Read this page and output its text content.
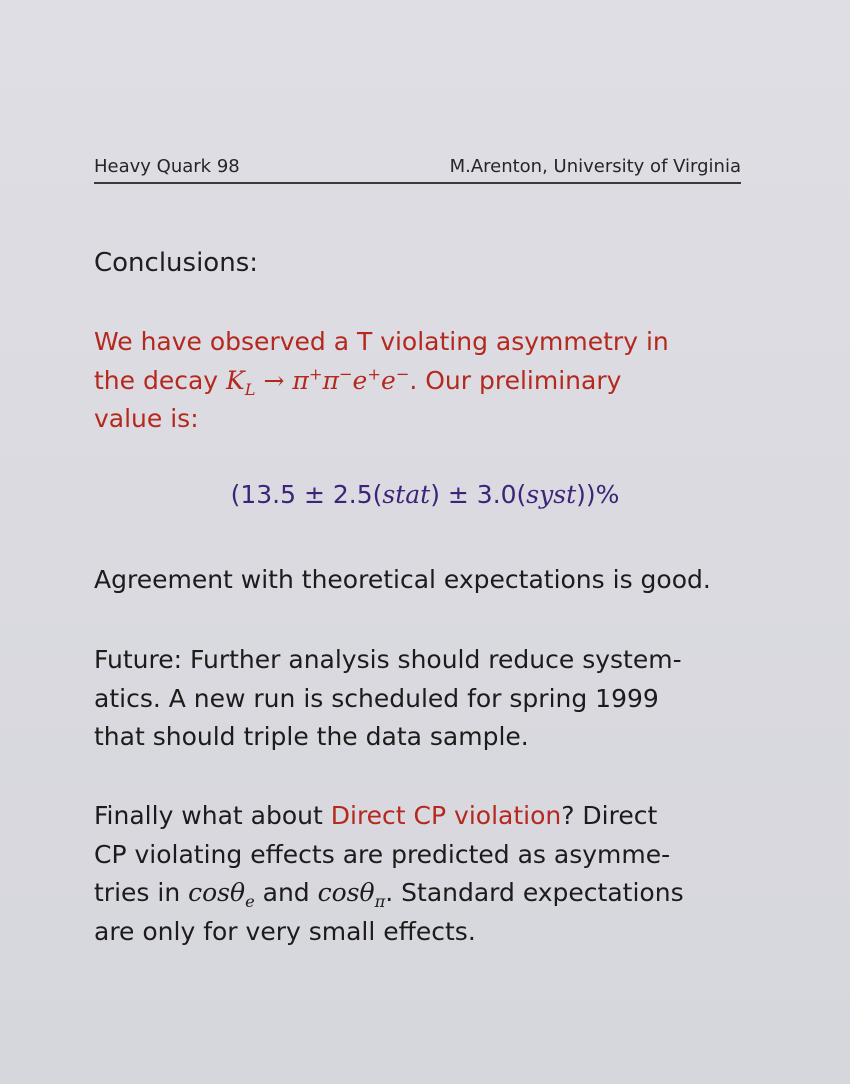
Heavy Quark 98	M.Arenton, University of Virginia
Conclusions:
We have observed a T violating asymmetry in
the decay $K_L \to \pi^+\pi^-e^+e^-$. Our preliminary
value is:
(13.5 ± 2.5(stat) ± 3.0(syst))%
Agreement with theoretical expectations is good.
Future: Further analysis should reduce system-
atics. A new run is scheduled for spring 1999
that should triple the data sample.
Finally what about Direct CP violation? Direct
CP violating effects are predicted as asymme-
tries in cosθ$_e$ and cosθ$_\pi$. Standard expectations
are only for very small effects.
